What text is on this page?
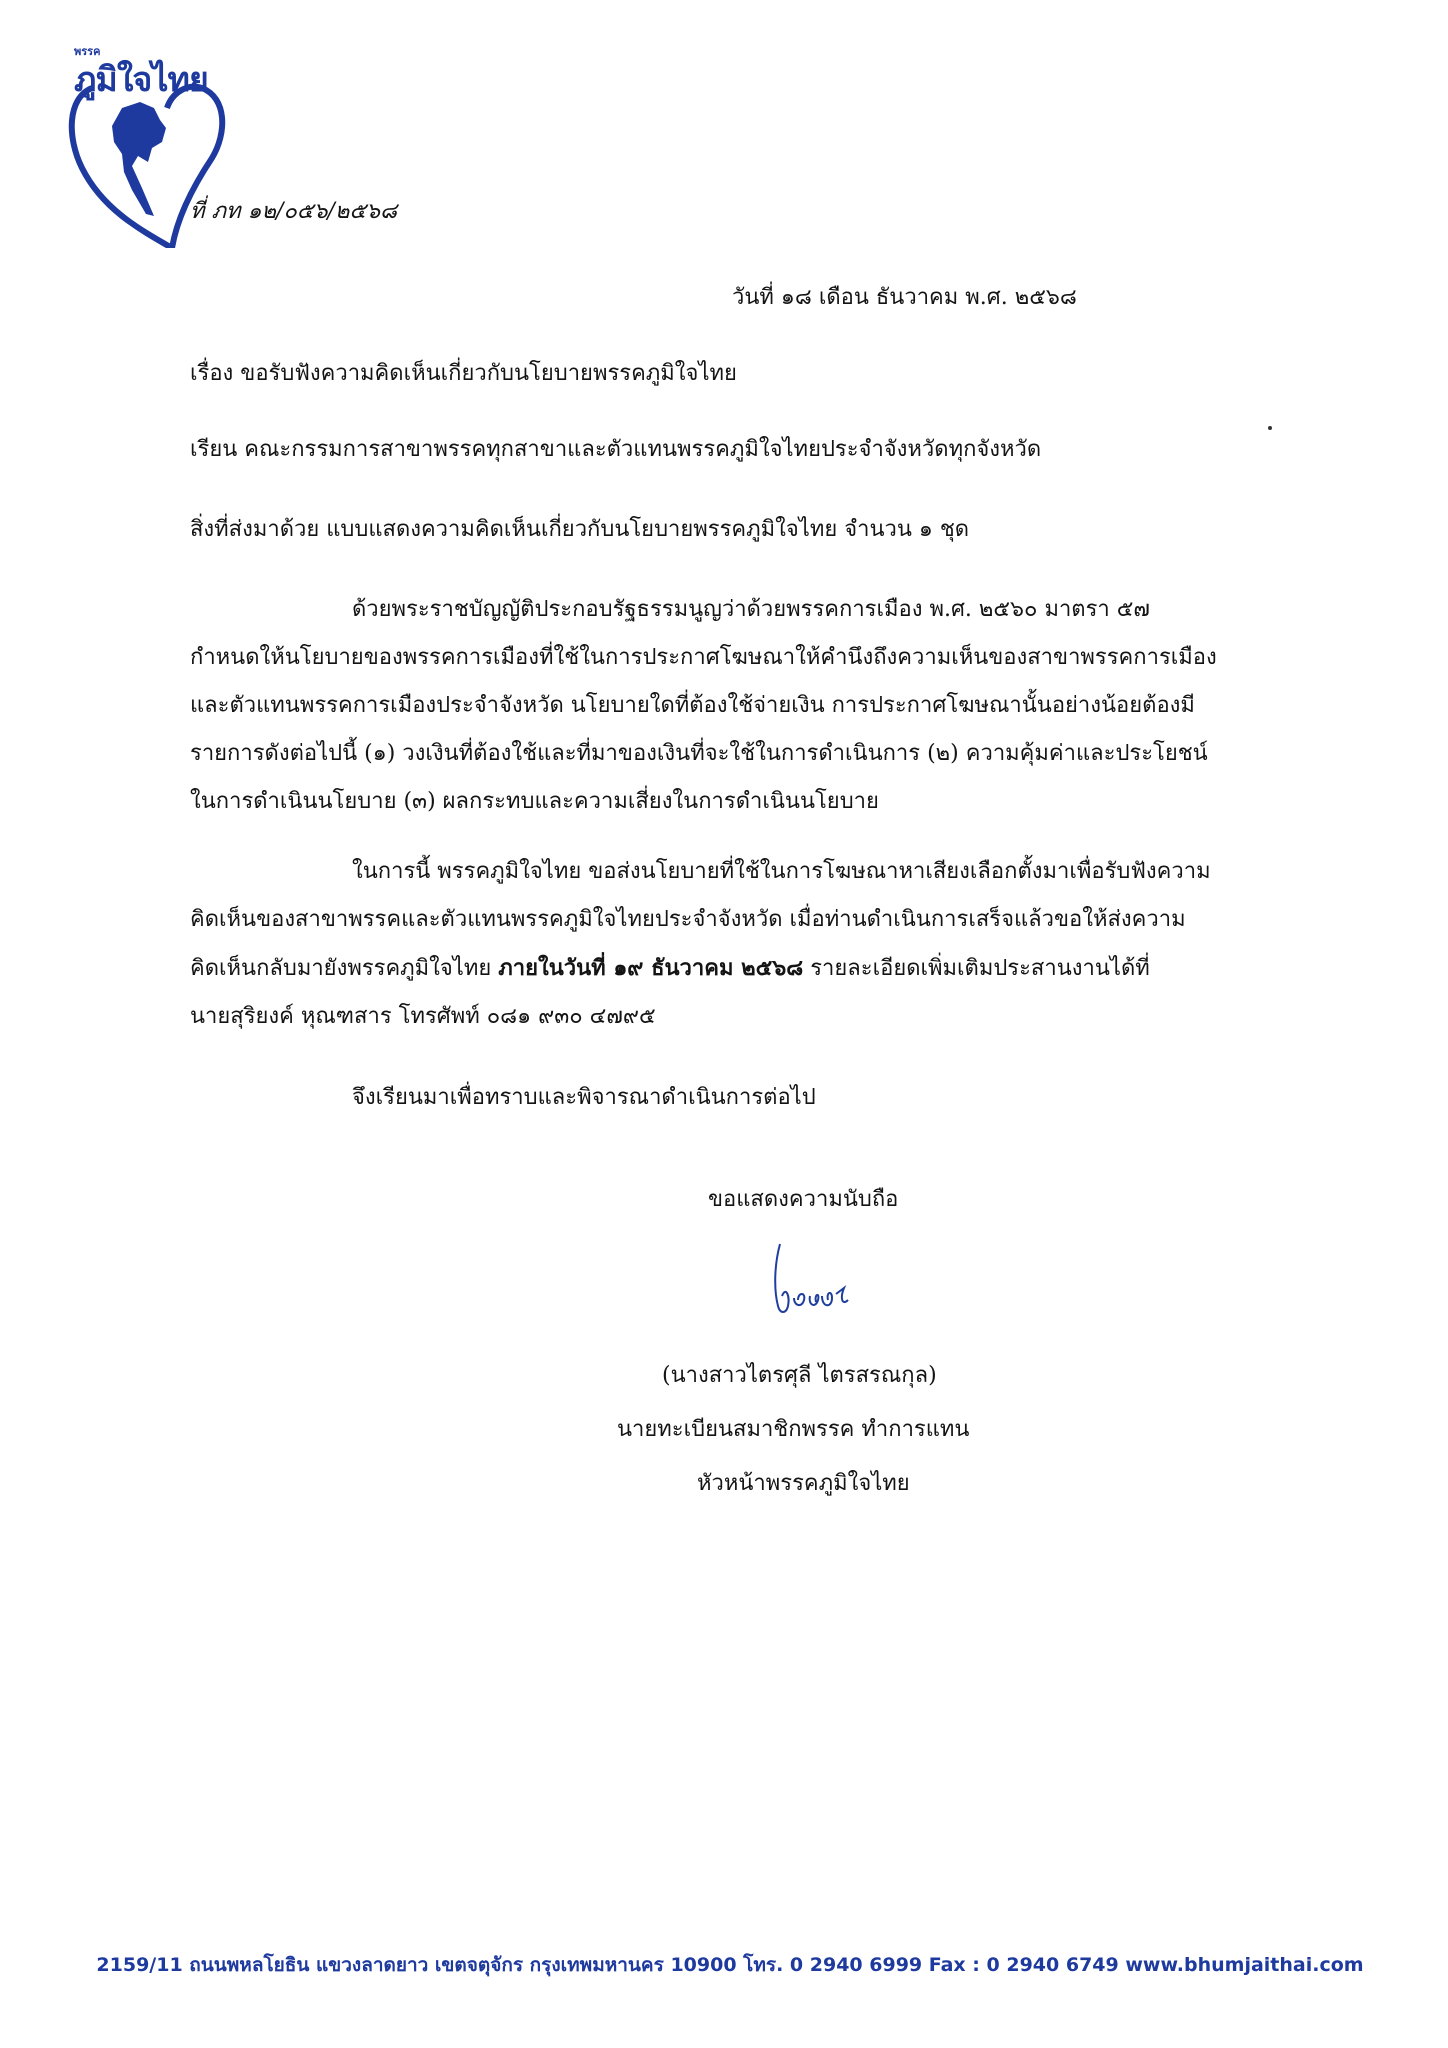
พรรค
ภูมิใจไทย
ที่ ภท ๑๒/๐๕๖/๒๕๖๘
วันที่ ๑๘ เดือน ธันวาคม พ.ศ. ๒๕๖๘
เรื่อง ขอรับฟังความคิดเห็นเกี่ยวกับนโยบายพรรคภูมิใจไทย
เรียน คณะกรรมการสาขาพรรคทุกสาขาและตัวแทนพรรคภูมิใจไทยประจำจังหวัดทุกจังหวัด
สิ่งที่ส่งมาด้วย แบบแสดงความคิดเห็นเกี่ยวกับนโยบายพรรคภูมิใจไทย จำนวน ๑ ชุด
ด้วยพระราชบัญญัติประกอบรัฐธรรมนูญว่าด้วยพรรคการเมือง พ.ศ. ๒๕๖๐ มาตรา ๕๗
กำหนดให้นโยบายของพรรคการเมืองที่ใช้ในการประกาศโฆษณาให้คำนึงถึงความเห็นของสาขาพรรคการเมือง
และตัวแทนพรรคการเมืองประจำจังหวัด นโยบายใดที่ต้องใช้จ่ายเงิน การประกาศโฆษณานั้นอย่างน้อยต้องมี
รายการดังต่อไปนี้ (๑) วงเงินที่ต้องใช้และที่มาของเงินที่จะใช้ในการดำเนินการ (๒) ความคุ้มค่าและประโยชน์
ในการดำเนินนโยบาย (๓) ผลกระทบและความเสี่ยงในการดำเนินนโยบาย
ในการนี้ พรรคภูมิใจไทย ขอส่งนโยบายที่ใช้ในการโฆษณาหาเสียงเลือกตั้งมาเพื่อรับฟังความ
คิดเห็นของสาขาพรรคและตัวแทนพรรคภูมิใจไทยประจำจังหวัด เมื่อท่านดำเนินการเสร็จแล้วขอให้ส่งความ
คิดเห็นกลับมายังพรรคภูมิใจไทย ภายในวันที่ ๑๙ ธันวาคม ๒๕๖๘ รายละเอียดเพิ่มเติมประสานงานได้ที่
นายสุริยงค์ หุณฑสาร โทรศัพท์ ๐๘๑ ๙๓๐ ๔๗๙๕
จึงเรียนมาเพื่อทราบและพิจารณาดำเนินการต่อไป
ขอแสดงความนับถือ
(นางสาวไตรศุลี ไตรสรณกุล)
นายทะเบียนสมาชิกพรรค ทำการแทน
หัวหน้าพรรคภูมิใจไทย
2159/11 ถนนพหลโยธิน แขวงลาดยาว เขตจตุจักร กรุงเทพมหานคร 10900 โทร. 0 2940 6999 Fax : 0 2940 6749 www.bhumjaithai.com
